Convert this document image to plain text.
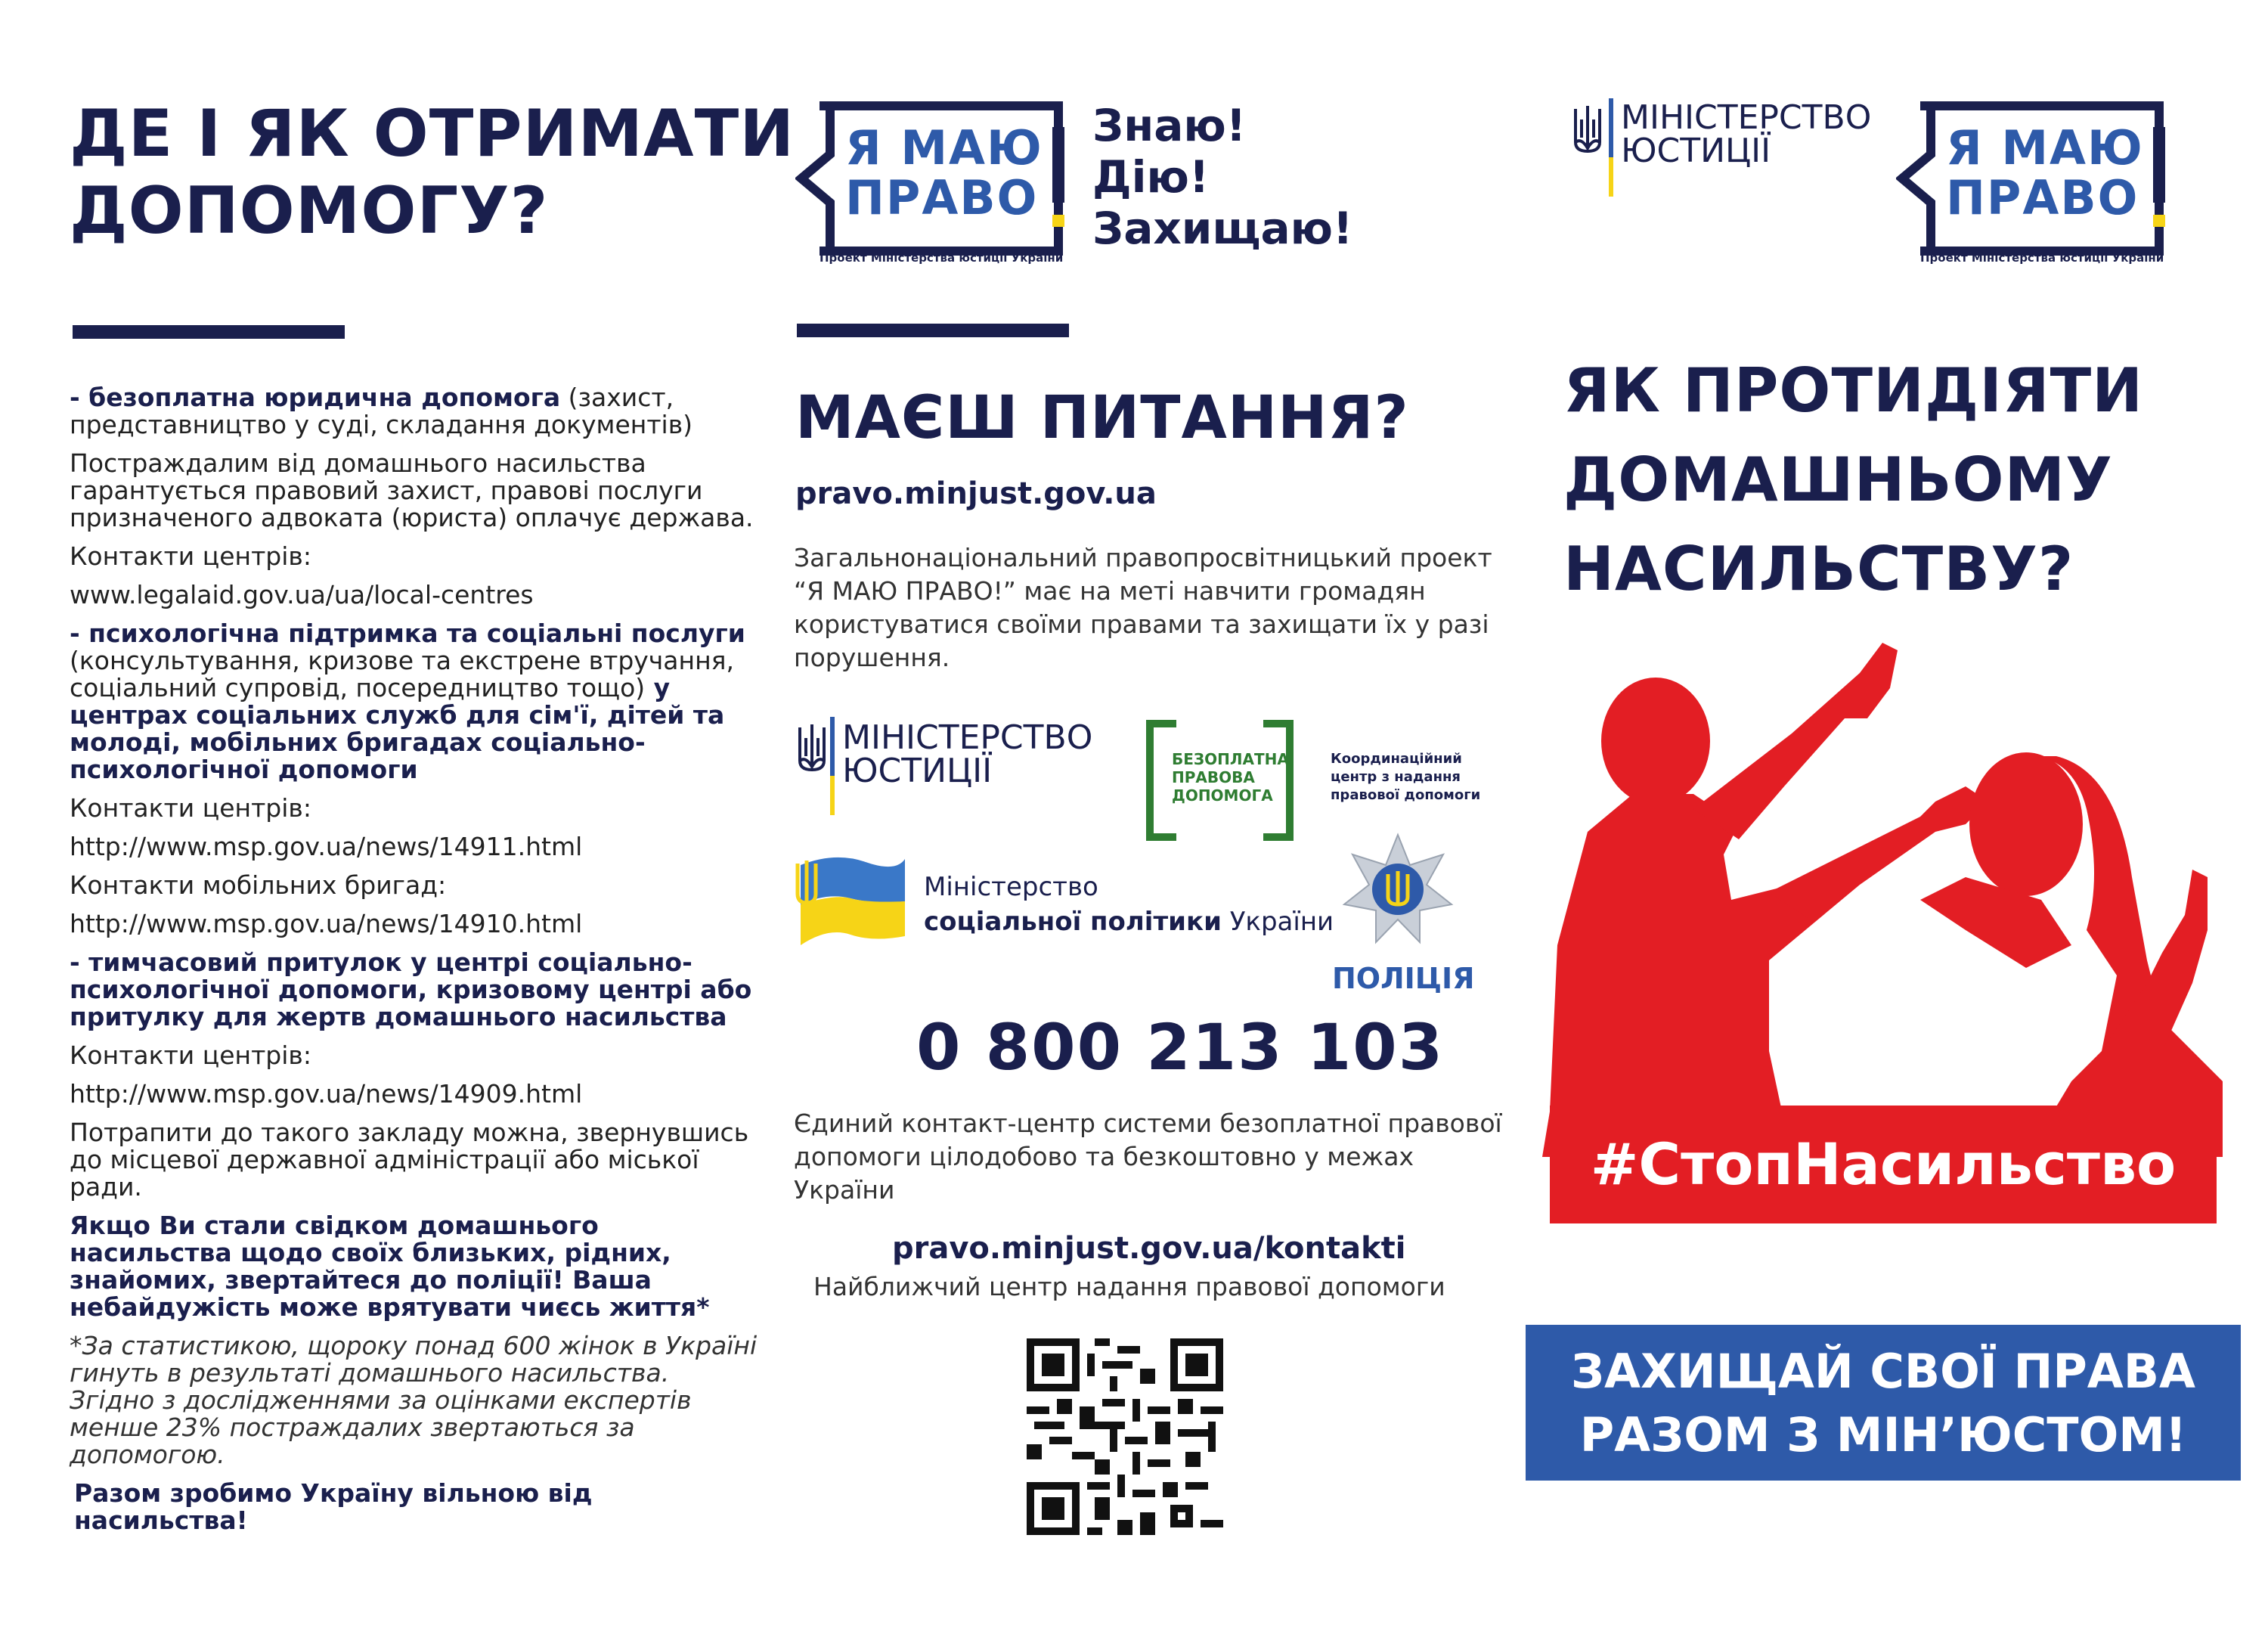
ДЕ І ЯК ОТРИМАТИ
ДОПОМОГУ?

- безоплатна юридична допомога (захист, представництво у суді, складання документів)

Постраждалим від домашнього насильства гарантується правовий захист, правові послуги призначеного адвоката (юриста) оплачує держава.

Контакти центрів:

www.legalaid.gov.ua/ua/local-centres

- психологічна підтримка та соціальні послуги (консультування, кризове та екстрене втручання, соціальний супровід, посередництво тощо) у центрах соціальних служб для сім'ї, дітей та молоді, мобільних бригадах соціально-психологічної допомоги

Контакти центрів:

http://www.msp.gov.ua/news/14911.html

Контакти мобільних бригад:

http://www.msp.gov.ua/news/14910.html

- тимчасовий притулок у центрі соціально-психологічної допомоги, кризовому центрі або притулку для жертв домашнього насильства

Контакти центрів:

http://www.msp.gov.ua/news/14909.html

Потрапити до такого закладу можна, звернувшись до місцевої державної адміністрації або міської ради.

Якщо Ви стали свідком домашнього насильства щодо своїх близьких, рідних, знайомих, звертайтеся до поліції! Ваша небайдужість може врятувати чиєсь життя*

*За статистикою, щороку понад 600 жінок в Україні гинуть в результаті домашнього насильства.

Згідно з дослідженнями за оцінками експертів менше 23% постраждалих звертаються за допомогою.

Разом зробимо Україну вільною від насильства!

Я МАЮ
ПРАВО
Проект Міністерства юстиції України
Знаю!
Дію!
Захищаю!
МАЄШ ПИТАННЯ?
pravo.minjust.gov.ua
Загальнонаціональний правопросвітницький проект “Я МАЮ ПРАВО!” має на меті навчити громадян користуватися своїми правами та захищати їх у разі порушення.
МІНІСТЕРСТВО
ЮСТИЦІЇ	БЕЗОПЛАТНА
ПРАВОВА
ДОПОМОГА
Координаційний
центр з надання
правової допомоги
Міністерство
соціальної політики України
ПОЛІЦІЯ
0 800 213 103
Єдиний контакт-центр системи безоплатної правової допомоги цілодобово та безкоштовно у межах України
pravo.minjust.gov.ua/kontakti
Найближчий центр надання правової допомоги
МІНІСТЕРСТВО
ЮСТИЦІЇ	Я МАЮ
ПРАВО
Проект Міністерства юстиції України
ЯК ПРОТИДІЯТИ
ДОМАШНЬОМУ
НАСИЛЬСТВУ?
#СтопНасильство
ЗАХИЩАЙ СВОЇ ПРАВА
РАЗОМ З МІН’ЮСТОМ!
